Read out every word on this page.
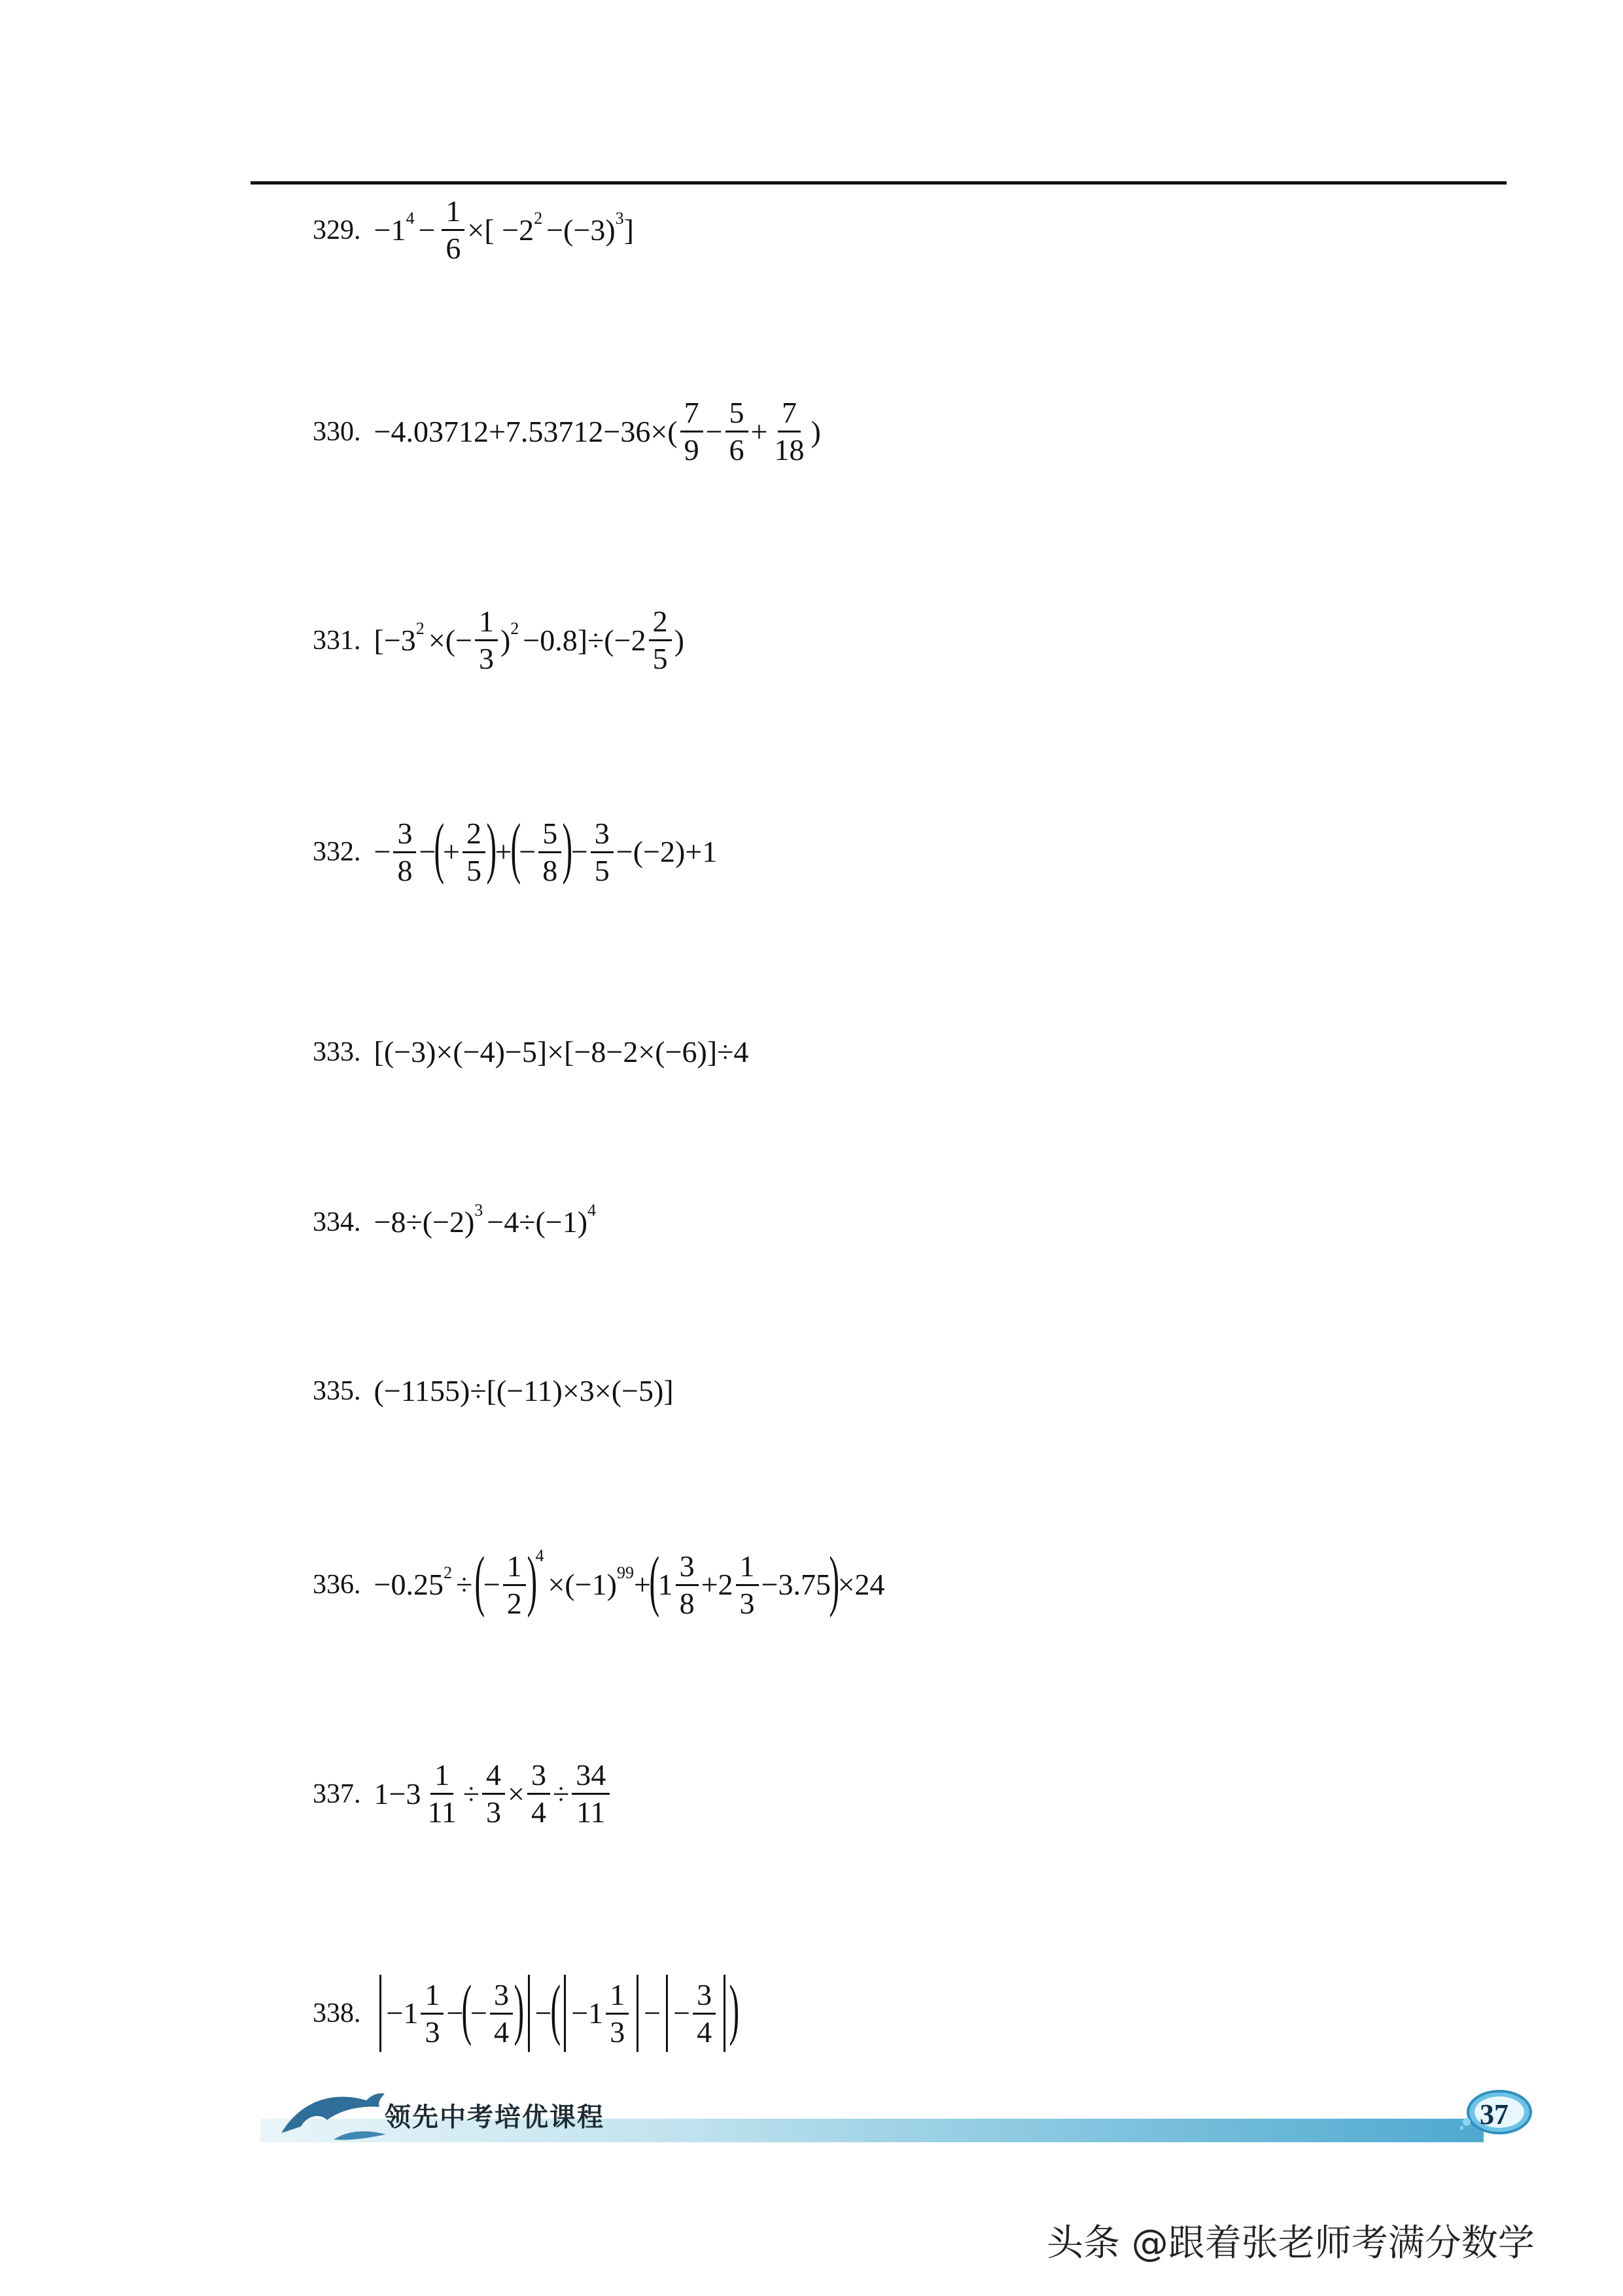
329. $-1^4 - \frac{1}{6}$ ×[ $-2^2 -(-3)^3$ ]
330. $-4.03712+7.53712-36\times( \frac{7}{9} - \frac{5}{6} + \frac{7}{18}$ )
331. [$-3^2$ ×(− $\frac{1}{3} )^2 -0.8]\div(-2 \frac{2}{5}$ )
332. − $\frac{3}{8}$ −
(
+ $\frac{2}{5}$ )
+
(
− $\frac{5}{8}$ )
− $\frac{3}{5} -(-2)+1$
333. [(−3)×(−4)−5]×[−8−2×(−6)]÷4
334. $-8\div(-2)^3 -4\div(-1)^4$
335. (−1155)÷[(−11)×3×(−5)]
336. $-0.25^2$ ÷ (
− $\frac{1}{2}$ )
$^4$
$\times(-1)^{99}$ +
(
$1 \frac{3}{8} +2 \frac{1}{3} -3.75$
)
×24
337. $1-3 \frac{1}{11} \div \frac{4}{3} \times \frac{3}{4} \div \frac{34}{11}$
338. $-1 \frac{1}{3}$ −
(
− $\frac{3}{4}$ ) −
( $-1 \frac{1}{3}$ − − $\frac{3}{4}$ )
领先中考培优课程	37
头条 @跟着张老师考满分数学
